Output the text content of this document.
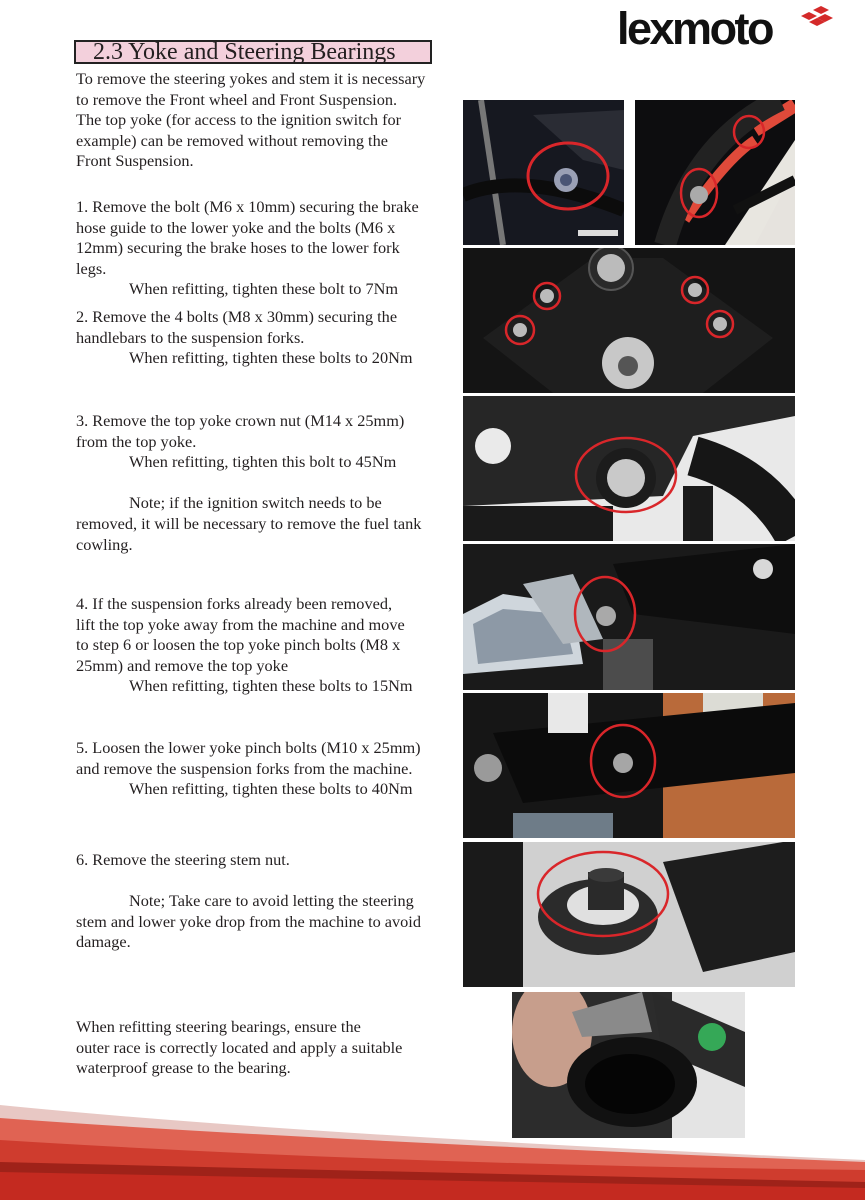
lexmoto
2.3 Yoke and Steering Bearings

To remove the steering yokes and stem it is necessary

to remove the Front wheel and Front Suspension.

The top yoke (for access to the ignition switch for

example) can be removed without removing the

Front Suspension.

1. Remove the bolt (M6 x 10mm) securing the brake

hose guide to the lower yoke and the bolts (M6 x

12mm) securing the brake hoses to the lower fork

legs.

When refitting, tighten these bolt to 7Nm

2. Remove the 4 bolts (M8 x 30mm) securing the

handlebars to the suspension forks.

When refitting, tighten these bolts to 20Nm

3. Remove the top yoke crown nut (M14 x 25mm)

from the top yoke.

When refitting, tighten this bolt to 45Nm

Note; if the ignition switch needs to be

removed, it will be necessary to remove the fuel tank

cowling.

4. If the suspension forks already been removed,

lift the top yoke away from the machine and move

to step 6 or loosen the top yoke pinch bolts (M8 x

25mm) and remove the top yoke

When refitting, tighten these bolts to 15Nm

5. Loosen the lower yoke pinch bolts (M10 x 25mm)

and remove the suspension forks from the machine.

When refitting, tighten these bolts to 40Nm

6. Remove the steering stem nut.

Note; Take care to avoid letting the steering

stem and lower yoke drop from the machine to avoid

damage.

When refitting steering bearings, ensure the

outer race is correctly located and apply a suitable

waterproof grease to the bearing.
